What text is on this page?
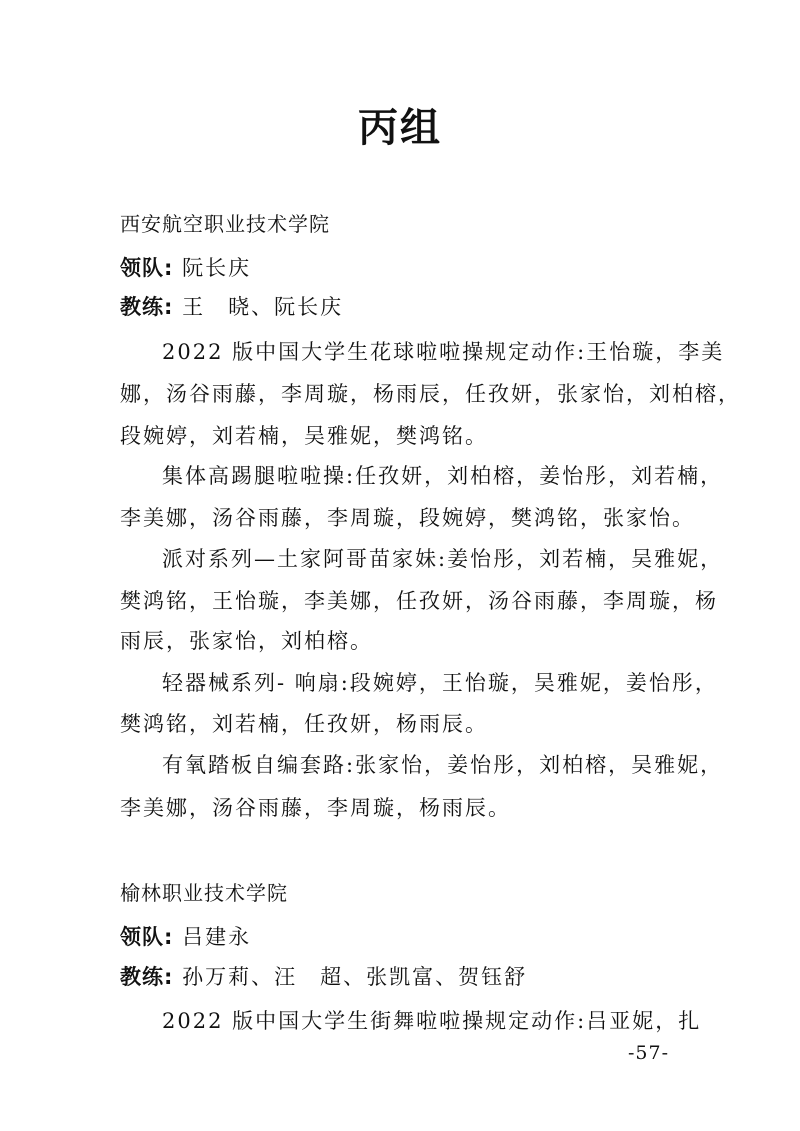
丙组
西安航空职业技术学院
领队: 阮长庆
教练: 王　晓、阮长庆
2022 版中国大学生花球啦啦操规定动作:王怡璇，李美
娜，汤谷雨藤，李周璇，杨雨辰，任孜妍，张家怡，刘柏榕，
段婉婷，刘若楠，吴雅妮，樊鸿铭。
集体高踢腿啦啦操:任孜妍，刘柏榕，姜怡彤，刘若楠，
李美娜，汤谷雨藤，李周璇，段婉婷，樊鸿铭，张家怡。
派对系列—土家阿哥苗家妹:姜怡彤，刘若楠，吴雅妮，
樊鸿铭，王怡璇，李美娜，任孜妍，汤谷雨藤，李周璇，杨
雨辰，张家怡，刘柏榕。
轻器械系列- 响扇:段婉婷，王怡璇，吴雅妮，姜怡彤，
樊鸿铭，刘若楠，任孜妍，杨雨辰。
有氧踏板自编套路:张家怡，姜怡彤，刘柏榕，吴雅妮，
李美娜，汤谷雨藤，李周璇，杨雨辰。
榆林职业技术学院
领队: 吕建永
教练: 孙万莉、汪　超、张凯富、贺钰舒
2022 版中国大学生街舞啦啦操规定动作:吕亚妮，扎
-57-
